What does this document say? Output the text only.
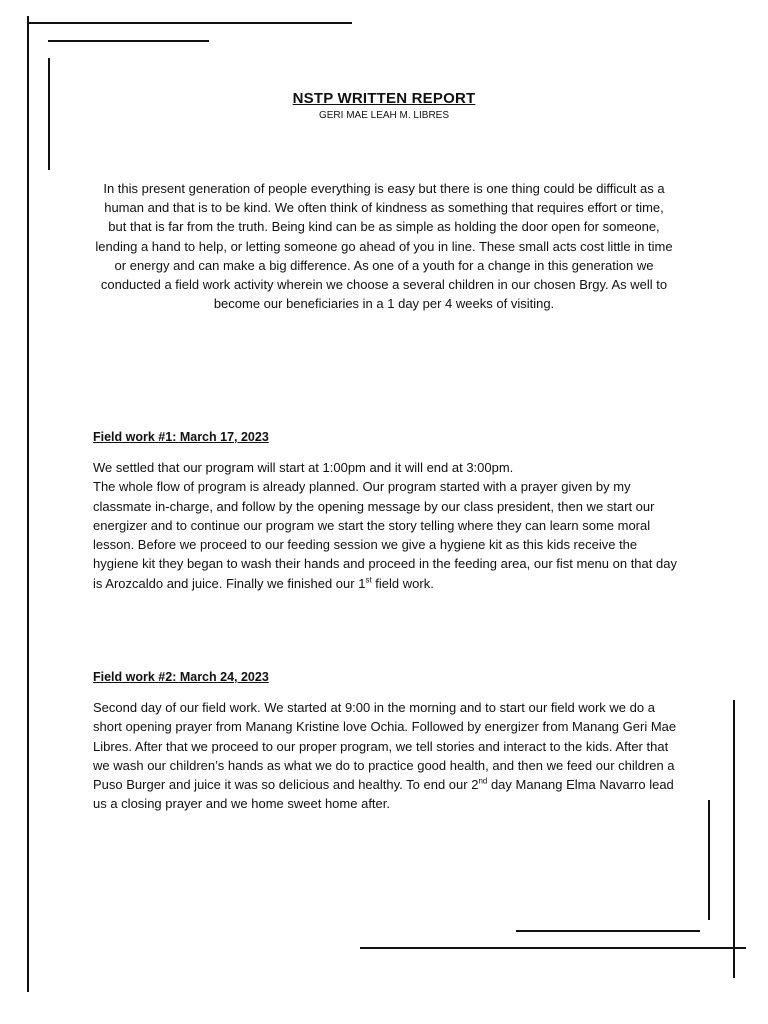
NSTP WRITTEN REPORT
GERI MAE LEAH M. LIBRES
In this present generation of people everything is easy but there is one thing could be difficult as a human and that is to be kind. We often think of kindness as something that requires effort or time, but that is far from the truth. Being kind can be as simple as holding the door open for someone, lending a hand to help, or letting someone go ahead of you in line. These small acts cost little in time or energy and can make a big difference. As one of a youth for a change in this generation we conducted a field work activity wherein we choose a several children in our chosen Brgy. As well to become our beneficiaries in a 1 day per 4 weeks of visiting.
Field work #1: March 17, 2023
We settled that our program will start at 1:00pm and it will end at 3:00pm.
The whole flow of program is already planned. Our program started with a prayer given by my classmate in-charge, and follow by the opening message by our class president, then we start our energizer and to continue our program we start the story telling where they can learn some moral lesson. Before we proceed to our feeding session we give a hygiene kit as this kids receive the hygiene kit they began to wash their hands and proceed in the feeding area, our fist menu on that day is Arozcaldo and juice. Finally we finished our 1st field work.
Field work #2: March 24, 2023
Second day of our field work. We started at 9:00 in the morning and to start our field work we do a short opening prayer from Manang Kristine love Ochia. Followed by energizer from Manang Geri Mae Libres. After that we proceed to our proper program, we tell stories and interact to the kids. After that we wash our children’s hands as what we do to practice good health, and then we feed our children a Puso Burger and juice it was so delicious and healthy. To end our 2nd day Manang Elma Navarro lead us a closing prayer and we home sweet home after.
